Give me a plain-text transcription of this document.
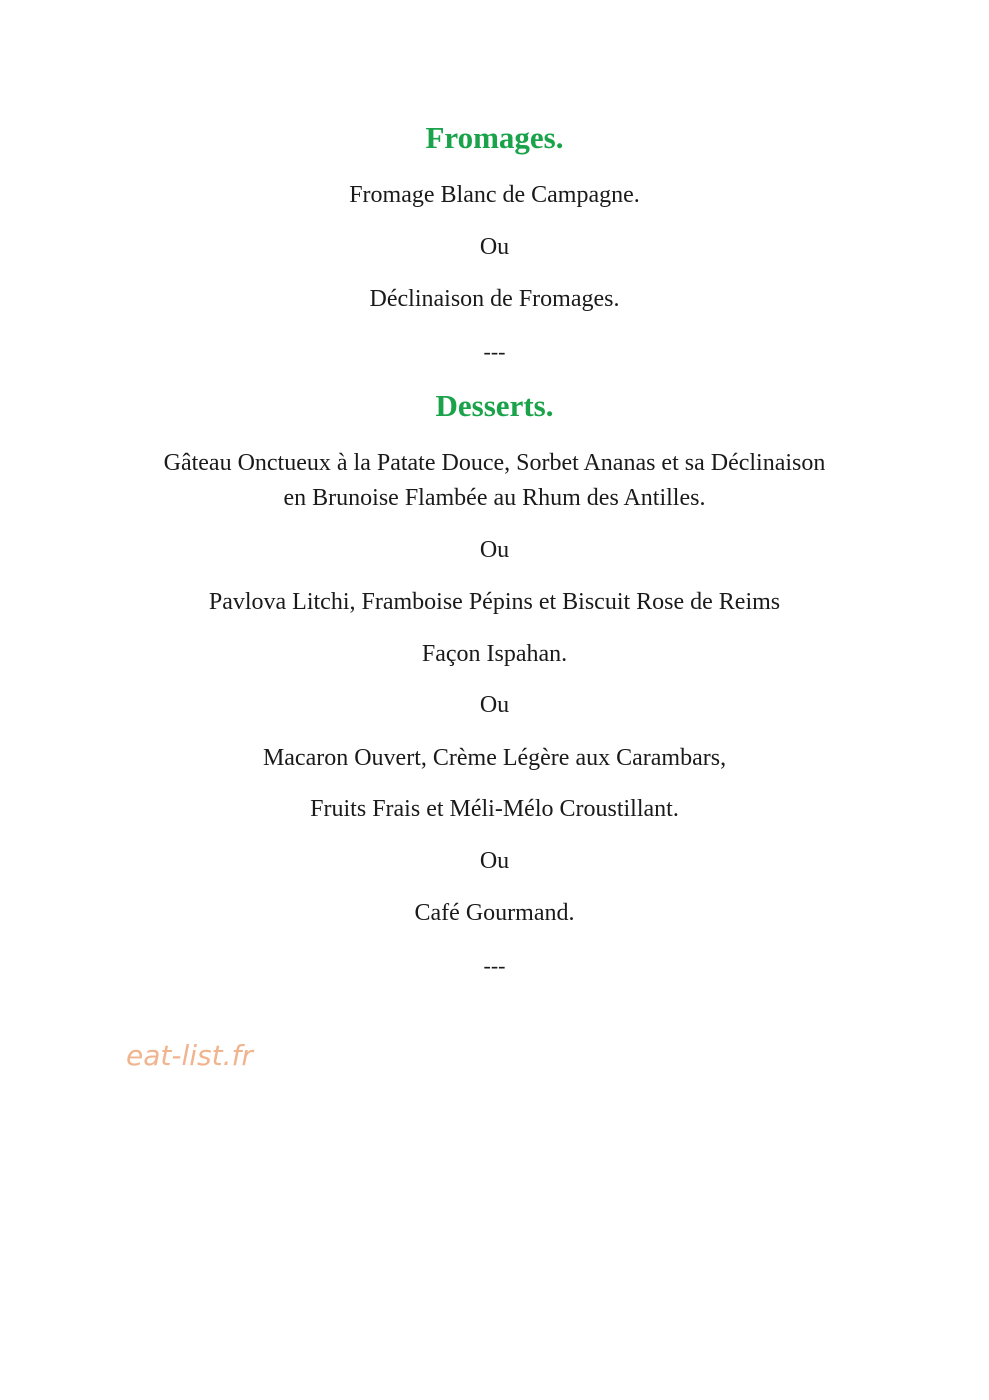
Fromages.
Fromage Blanc de Campagne.
Ou
Déclinaison de Fromages.
---
Desserts.
Gâteau Onctueux à la Patate Douce, Sorbet Ananas et sa Déclinaison
en Brunoise Flambée au Rhum des Antilles.
Ou
Pavlova Litchi, Framboise Pépins et Biscuit Rose de Reims
Façon Ispahan.
Ou
Macaron Ouvert, Crème Légère aux Carambars,
Fruits Frais et Méli-Mélo Croustillant.
Ou
Café Gourmand.
---
eat-list.fr
